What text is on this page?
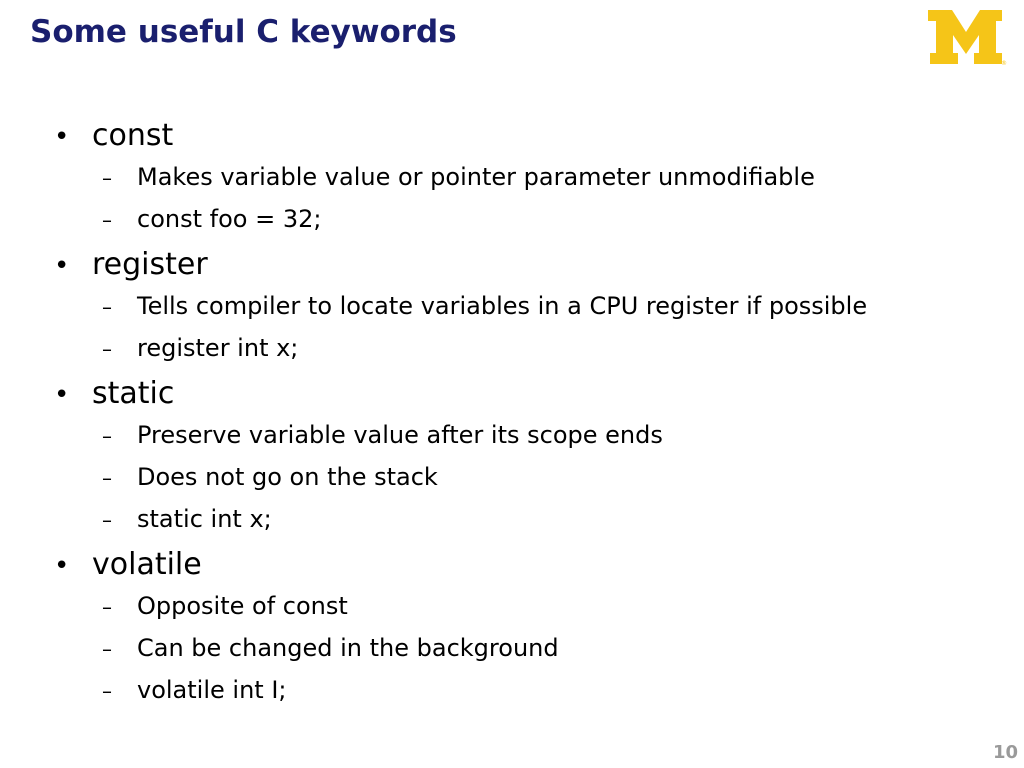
Some useful C keywords
®
• const
–	Makes variable value or pointer parameter unmodifiable
–	const foo = 32;
• register
–	Tells compiler to locate variables in a CPU register if possible
–	register int x;
• static
–	Preserve variable value after its scope ends
–	Does not go on the stack
–	static int x;
• volatile
–	Opposite of const
–	Can be changed in the background
–	volatile int I;
10
